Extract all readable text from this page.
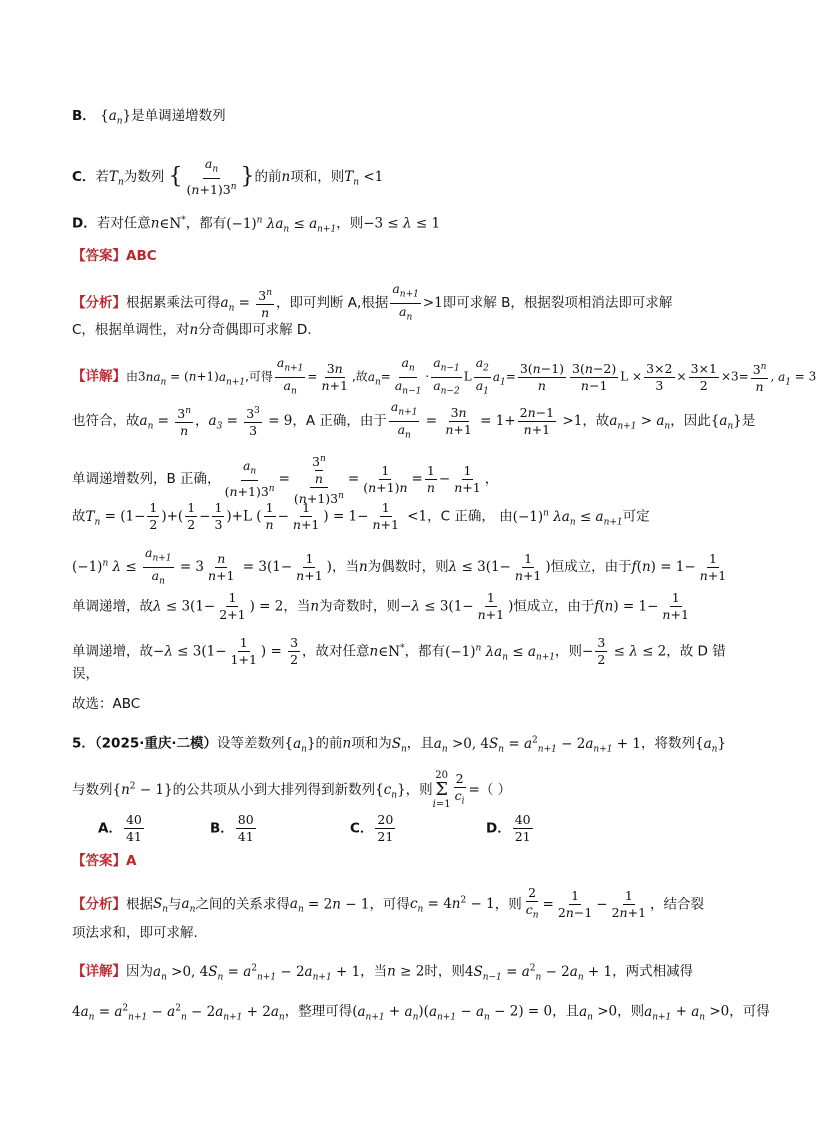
B． $\{a_n\}$是单调递增数列
C．若$T_n$为数列 { $\frac{a_n}{(n+1)3^n}$ }的前n项和，则$T_n <1$
D．若对任意n∈N*，都有$(-1)^n$ $\lambda a_n \le a_{n+1}$，则−3 ≤ λ ≤ 1
【答案】ABC
【分析】根据累乘法可得$a_n = \frac{3^n}{n}$ ，即可判断 A,根据 $\frac{a_{n+1}}{a_n} >1$即可求解 B，根据裂项相消法即可求解
C，根据单调性，对n分奇偶即可求解 D.
【详解】由$3na_n = (n+1)a_{n+1}$,可得 $\frac{a_{n+1}}{a_n} = \frac{3n}{n+1}$ ,故$a_n= \frac{a_n}{a_{n-1}} \cdot \frac{a_{n-1}}{a_{n-2}}$ L $\frac{a_2}{a_1} a_1= \frac{3(n-1)}{n} \frac{3(n-2)}{n-1}$ $L \times \frac{3\times 2}{3} \times \frac{3\times 1}{2} \times 3= \frac{3^n}{n}$ , $a_1 = 3$
也符合，故$a_n = \frac{3^n}{n}$ ，$a_3 = \frac{3^3}{3} = 9$，A 正确，由于 $\frac{a_{n+1}}{a_n} = \frac{3n}{n+1} = 1+ \frac{2n-1}{n+1} >1$，故$a_{n+1} > a_n$，因此$\{a_n\}$是
单调递增数列，B 正确， $\frac{a_n}{(n+1)3^n} = 3^n$
n
$(n+1)3^n = \frac{1}{(n+1)n} = \frac{1}{n} - \frac{1}{n+1}$ ，
故$T_n = (1- \frac{1}{2}$ )+( $\frac{1}{2} - \frac{1}{3} )+L$ ( $\frac{1}{n} - \frac{1}{n+1}$ ) = $1- \frac{1}{n+1} <1$，C 正确， 由$(-1)^n$ $\lambda a_n \le a_{n+1}$可定
$(-1)^n$ $\lambda \le \frac{a_{n+1}}{a_n} = 3 \frac{n}{n+1} = 3(1- \frac{1}{n+1}$ )，当n为偶数时，则$\lambda \le 3(1- \frac{1}{n+1}$ )恒成立，由于$f(n) = 1- \frac{1}{n+1}$
单调递增，故$\lambda \le 3(1- \frac{1}{2+1}$ ) = 2，当n为奇数时，则$-\lambda \le 3(1- \frac{1}{n+1}$ )恒成立，由于$f(n) = 1- \frac{1}{n+1}$
单调递增，故$-\lambda \le 3(1- \frac{1}{1+1}$ ) = $\frac{3}{2}$ ，故对任意n∈N*，都有$(-1)^n$ $\lambda a_n \le a_{n+1}$，则− $\frac{3}{2} \le \lambda \le 2$，故 D 错
误，
故选：ABC
5．（2025·重庆·二模）设等差数列$\{a_n\}$的前n项和为$S_n$，且$a_n >0$, $4S_n = a^2_{n+1} - 2a_{n+1} + 1$，将数列$\{a_n\}$
与数列$\{n^2 - 1\}$的公共项从小到大排列得到新数列$\{c_n\}$，则
20
Σ
$i=1 \frac{2}{c_i}$ =（ ）
A． $\frac{40}{41}$	B． $\frac{80}{41}$	C． $\frac{20}{21}$	D． $\frac{40}{21}$
【答案】A
【分析】根据$S_n$与$a_n$之间的关系求得$a_n = 2n - 1$，可得$c_n = 4n^2 - 1$，则 $\frac{2}{c_n} = \frac{1}{2n-1} - \frac{1}{2n+1}$ ，结合裂
项法求和，即可求解.
【详解】因为$a_n >0$, $4S_n = a^2_{n+1} - 2a_{n+1} + 1$，当n ≥ 2时，则$4S_{n-1} = a^2_n - 2a_n + 1$，两式相减得
$4a_n = a^2_{n+1} - a^2_n - 2a_{n+1} + 2a_n$，整理可得$(a_{n+1} + a_n)(a_{n+1} - a_n - 2) = 0$，且$a_n >0$，则$a_{n+1} + a_n >0$，可得
